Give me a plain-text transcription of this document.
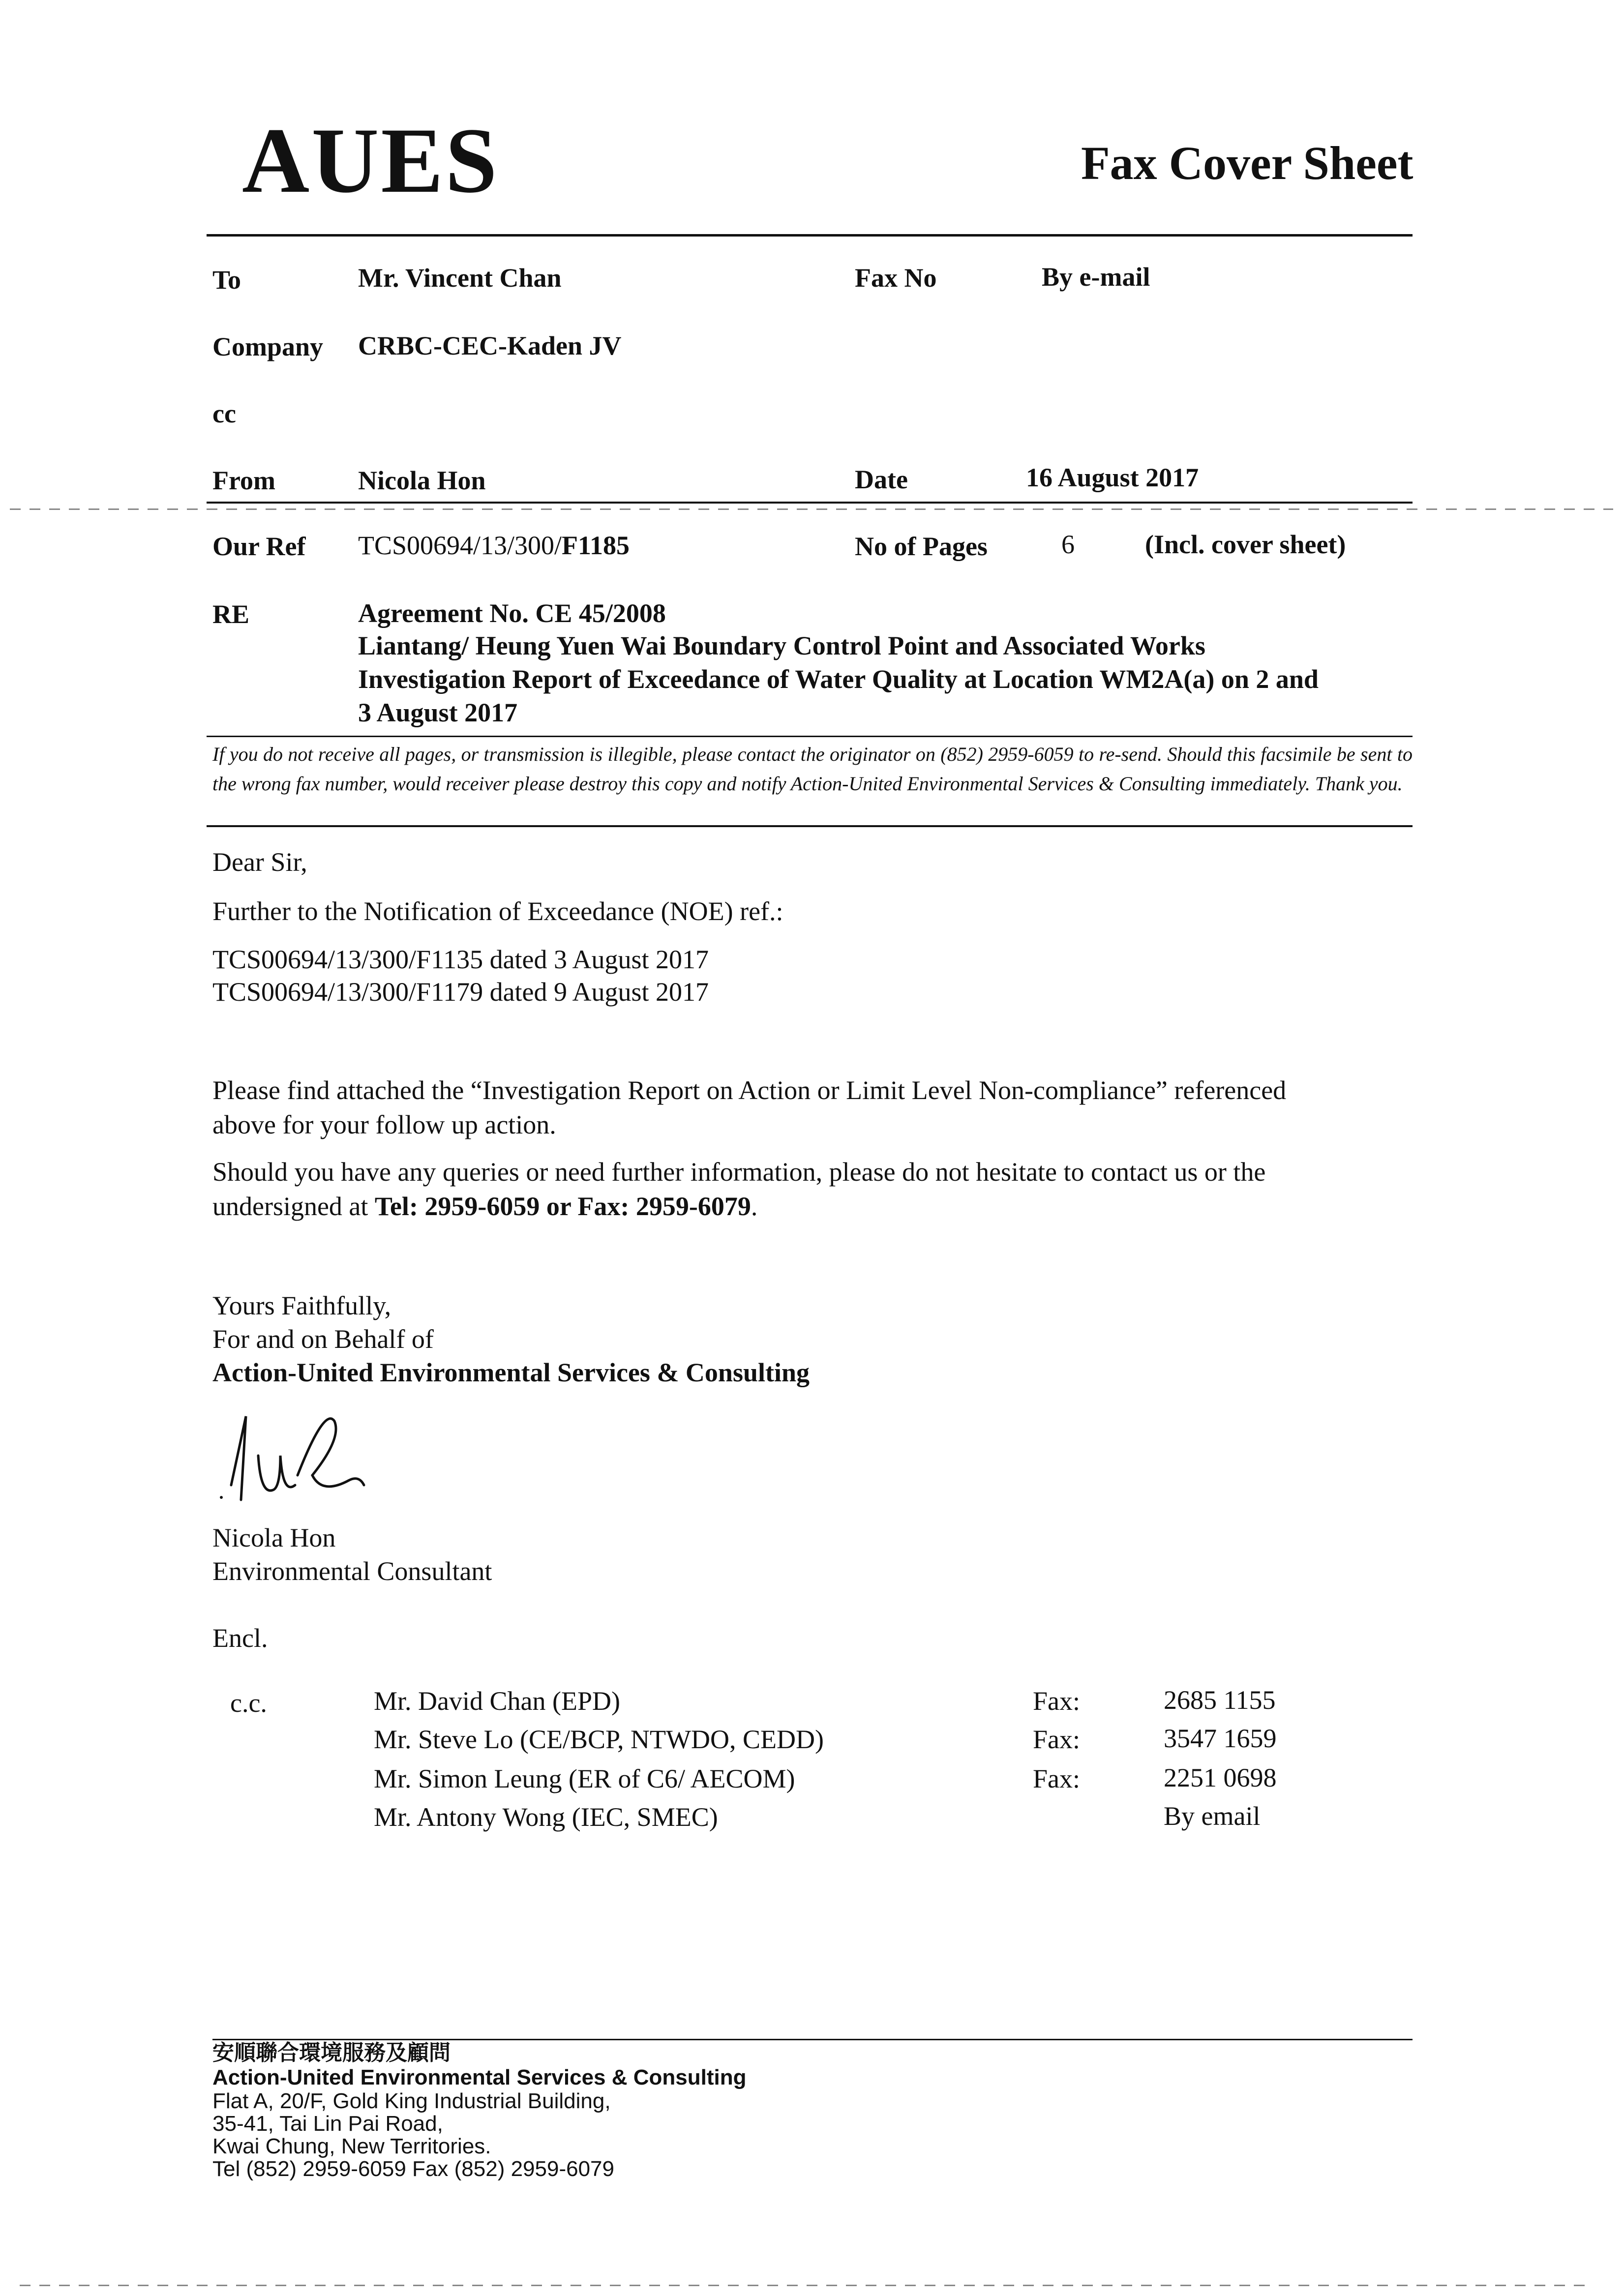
AUES	Fax Cover Sheet
To	Mr. Vincent Chan	Fax No	By e-mail
Company CRBC-CEC-Kaden JV
cc
From	Nicola Hon	Date	16 August 2017
Our Ref TCS00694/13/300/F1185	No of Pages	6	(Incl. cover sheet)
RE	Agreement No. CE 45/2008
Liantang/ Heung Yuen Wai Boundary Control Point and Associated Works
Investigation Report of Exceedance of Water Quality at Location WM2A(a) on 2 and
3 August 2017
If you do not receive all pages, or transmission is illegible, please contact the originator on (852) 2959-6059 to re-send. Should this facsimile be sent to the wrong fax number, would receiver please destroy this copy and notify Action-United Environmental Services & Consulting immediately. Thank you.
Dear Sir,
Further to the Notification of Exceedance (NOE) ref.:
TCS00694/13/300/F1135 dated 3 August 2017
TCS00694/13/300/F1179 dated 9 August 2017
Please find attached the “Investigation Report on Action or Limit Level Non-compliance” referenced
above for your follow up action.
Should you have any queries or need further information, please do not hesitate to contact us or the
undersigned at Tel: 2959-6059 or Fax: 2959-6079.
Yours Faithfully,
For and on Behalf of
Action-United Environmental Services & Consulting
Nicola Hon
Environmental Consultant
Encl.
c.c.	Mr. David Chan (EPD)	Fax:	2685 1155
Mr. Steve Lo (CE/BCP, NTWDO, CEDD)	Fax:	3547 1659
Mr. Simon Leung (ER of C6/ AECOM)	Fax:	2251 0698
Mr. Antony Wong (IEC, SMEC)	By email
安順聯合環境服務及顧問
Action-United Environmental Services & Consulting
Flat A, 20/F, Gold King Industrial Building,
35-41, Tai Lin Pai Road,
Kwai Chung, New Territories.
Tel (852) 2959-6059 Fax (852) 2959-6079
